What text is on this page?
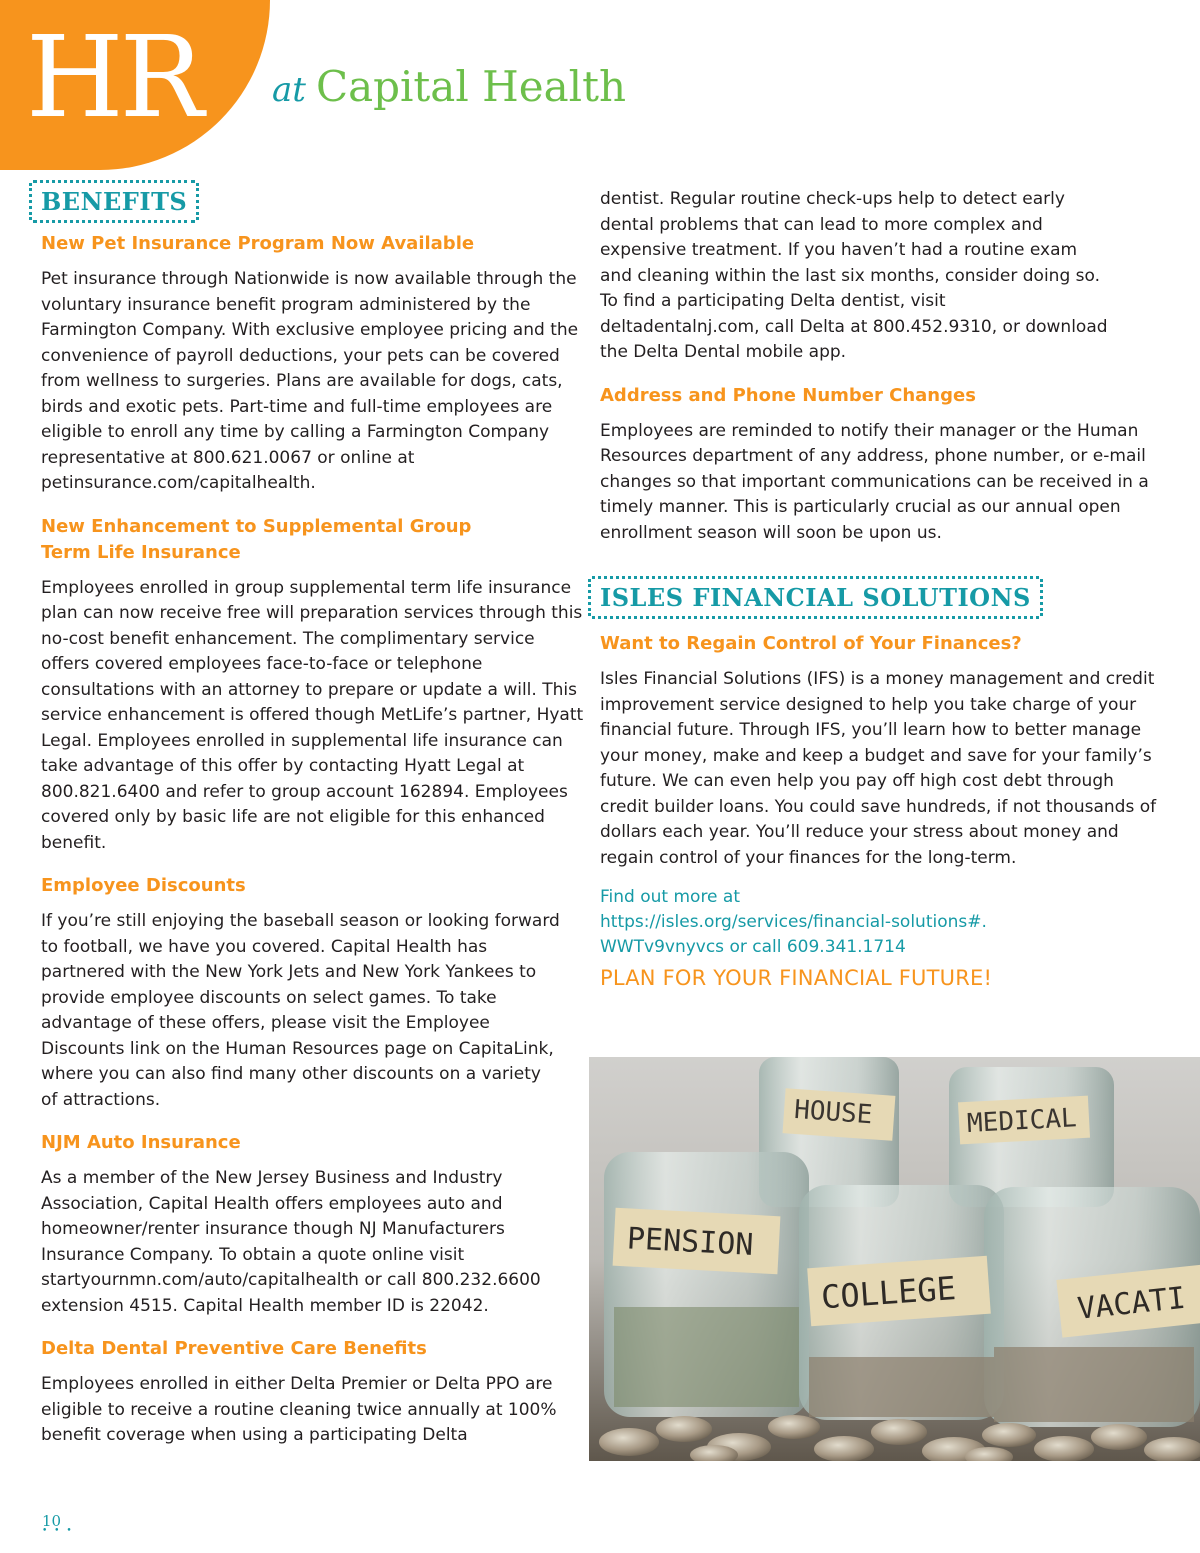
HR at Capital Health
BENEFITS
New Pet Insurance Program Now Available

Pet insurance through Nationwide is now available through the voluntary insurance benefit program administered by the Farmington Company. With exclusive employee pricing and the convenience of payroll deductions, your pets can be covered from wellness to surgeries. Plans are available for dogs, cats, birds and exotic pets. Part-time and full-time employees are eligible to enroll any time by calling a Farmington Company representative at 800.621.0067 or online at petinsurance.com/capitalhealth.

New Enhancement to Supplemental Group Term Life Insurance

Employees enrolled in group supplemental term life insurance plan can now receive free will preparation services through this no-cost benefit enhancement. The complimentary service offers covered employees face-to-face or telephone consultations with an attorney to prepare or update a will. This service enhancement is offered though MetLife’s partner, Hyatt Legal. Employees enrolled in supplemental life insurance can take advantage of this offer by contacting Hyatt Legal at 800.821.6400 and refer to group account 162894. Employees covered only by basic life are not eligible for this enhanced benefit.

Employee Discounts

If you’re still enjoying the baseball season or looking forward to football, we have you covered. Capital Health has partnered with the New York Jets and New York Yankees to provide employee discounts on select games. To take advantage of these offers, please visit the Employee Discounts link on the Human Resources page on CapitaLink, where you can also find many other discounts on a variety of attractions.

NJM Auto Insurance

As a member of the New Jersey Business and Industry Association, Capital Health offers employees auto and homeowner/renter insurance though NJ Manufacturers Insurance Company. To obtain a quote online visit startyournmn.com/auto/capitalhealth or call 800.232.6600 extension 4515. Capital Health member ID is 22042.

Delta Dental Preventive Care Benefits

Employees enrolled in either Delta Premier or Delta PPO are eligible to receive a routine cleaning twice annually at 100% benefit coverage when using a participating Delta

dentist. Regular routine check-ups help to detect early dental problems that can lead to more complex and expensive treatment. If you haven’t had a routine exam and cleaning within the last six months, consider doing so. To find a participating Delta dentist, visit deltadentalnj.com, call Delta at 800.452.9310, or download the Delta Dental mobile app.

Address and Phone Number Changes

Employees are reminded to notify their manager or the Human Resources department of any address, phone number, or e-mail changes so that important communications can be received in a timely manner. This is particularly crucial as our annual open enrollment season will soon be upon us.

ISLES FINANCIAL SOLUTIONS
Want to Regain Control of Your Finances?

Isles Financial Solutions (IFS) is a money management and credit improvement service designed to help you take charge of your financial future. Through IFS, you’ll learn how to better manage your money, make and keep a budget and save for your family’s future. We can even help you pay off high cost debt through credit builder loans. You could save hundreds, if not thousands of dollars each year. You’ll reduce your stress about money and regain control of your finances for the long-term.

Find out more at
https://isles.org/services/financial-solutions#.
WWTv9vnyvcs or call 609.341.1714

PLAN FOR YOUR FINANCIAL FUTURE!

HOUSE	MEDICAL
PENSION
COLLEGE	VACATI
10
• • •
